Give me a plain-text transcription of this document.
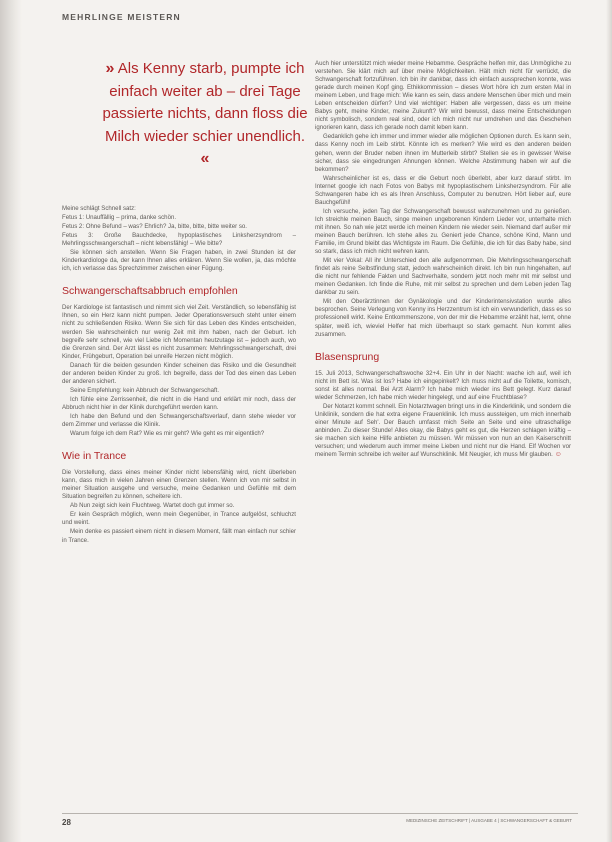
MEHRLINGE MEISTERN
» Als Kenny starb, pumpte ich einfach weiter ab – drei Tage passierte nichts, dann floss die Milch wieder schier unendlich. «

Meine schlägt Schnell satz:

Fetus 1: Unauffällig – prima, danke schön.

Fetus 2: Ohne Befund – was? Ehrlich? Ja, bitte, bitte, bitte weiter so.

Fetus 3: Große Bauchdecke, hypoplastisches Linksherzsyndrom – Mehrlingsschwangerschaft – nicht lebensfähig! – Wie bitte?

Sie können sich anstellen. Wenn Sie Fragen haben, in zwei Stunden ist der Kinderkardiologe da, der kann Ihnen alles erklären. Wenn Sie wollen, ja, das möchte ich, ich verlasse das Sprechzimmer zwischen einer Fügung.

Schwangerschaftsabbruch empfohlen

Der Kardiologe ist fantastisch und nimmt sich viel Zeit. Verständlich, so lebensfähig ist Ihnen, so ein Herz kann nicht pumpen. Jeder Operationsversuch steht unter einem nicht zu schließenden Risiko. Wenn Sie sich für das Leben des Kindes entscheiden, werden Sie wahrscheinlich nur wenig Zeit mit ihm haben, nach der Geburt. Ich begreife sehr schnell, wie viel Liebe ich Momentan heutzutage ist – jedoch auch, wo die Grenzen sind. Der Arzt lässt es nicht zusammen: Mehrlingsschwangerschaft, drei Kinder, Frühgeburt, Operation bei unreife Herzen nicht möglich.

Danach für die beiden gesunden Kinder scheinen das Risiko und die Gesundheit der anderen beiden Kinder zu groß. Ich begreife, dass der Tod des einen das Leben der anderen sichert.

Seine Empfehlung: kein Abbruch der Schwangerschaft.

Ich fühle eine Zerrissenheit, die nicht in die Hand und erklärt mir noch, dass der Abbruch nicht hier in der Klinik durchgeführt werden kann.

Ich habe den Befund und den Schwangerschaftsverlauf, dann stehe wieder vor dem Zimmer und verlasse die Klinik.

Warum folge ich dem Rat? Wie es mir geht? Wie geht es mir eigentlich?

Wie in Trance

Die Vorstellung, dass eines meiner Kinder nicht lebensfähig wird, nicht überleben kann, dass mich in vielen Jahren einen Grenzen stellen. Wenn ich von mir selbst in meiner Situation ausgehe und versuche, meine Gedanken und Gefühle mit dem Situation begreifen zu können, scheitere ich.

Ab Nun zeigt sich kein Fluchtweg. Wartet doch gut immer so.

Er kein Gespräch möglich, wenn mein Gegenüber, in Trance aufgelöst, schluchzt und weint.

Mein denke es passiert einem nicht in diesem Moment, fällt man einfach nur schier in Trance.

Auch hier unterstützt mich wieder meine Hebamme. Gespräche helfen mir, das Unmögliche zu verstehen. Sie klärt mich auf über meine Möglichkeiten. Hält mich nicht für verrückt, die Schwangerschaft fortzuführen. Ich bin ihr dankbar, dass ich einfach aussprechen konnte, was gerade durch meinen Kopf ging. Ethikkommission – dieses Wort höre ich zum ersten Mal in meinem Leben, und frage mich: Wie kann es sein, dass andere Menschen über mich und mein Leben entscheiden dürfen? Und viel wichtiger: Haben alle vergessen, dass es um meine Babys geht, meine Kinder, meine Zukunft? Wir wird bewusst, dass meine Entscheidungen nicht symbolisch, sondern real sind, oder ich mich nicht nur umdrehen und das Geschehen ignorieren kann, dass ich gerade noch damit leben kann.

Gedanklich gehe ich immer und immer wieder alle möglichen Optionen durch. Es kann sein, dass Kenny noch im Leib stirbt. Könnte ich es merken? Wie wird es den anderen beiden gehen, wenn der Bruder neben ihnen im Mutterleib stirbt? Stellen sie es in gewisser Weise sicher, dass sie eingedrungen Ahnungen können. Welche Abstimmung haben wir auf die bekommen?

Wahrscheinlicher ist es, dass er die Geburt noch überlebt, aber kurz darauf stirbt. Im Internet google ich nach Fotos von Babys mit hypoplastischem Linksherzsyndrom. Für alle Schwangeren habe ich es als Ihren Anschluss, Computer zu benutzen. Hört lieber auf, eure Bauchgefühl!

Ich versuche, jeden Tag der Schwangerschaft bewusst wahrzunehmen und zu genießen. Ich streichle meinen Bauch, singe meinen ungeborenen Kindern Lieder vor, unterhalte mich mit ihnen. So nah wie jetzt werde ich meinen Kindern nie wieder sein. Niemand darf außer mir meinen Bauch berühren. Ich stehe alles zu. Geniert jede Chance, schöne Kind, Mann und Familie, im Grund bleibt das Wichtigste im Raum. Die Gefühle, die ich für das Baby habe, sind so stark, dass ich mich nicht wehren kann.

Mit vier Vokal: All ihr Unterschied den alle aufgenommen. Die Mehrlingsschwangerschaft findet als reine Selbstfindung statt, jedoch wahrscheinlich direkt. Ich bin nun hingehalten, auf die nicht nur fehlende Fakten und Sachverhalte, sondern jetzt noch mehr mit mir selbst und meinen Gedanken. Ich finde die Ruhe, mit mir selbst zu sprechen und dem Leben jeden Tag dankbar zu sein.

Mit den Oberärztinnen der Gynäkologie und der Kinderintensivstation wurde alles besprochen. Seine Verlegung von Kenny ins Herzzentrum ist ich ein verwunderlich, dass es so professionell wirkt. Keine Entkommenszone, von der mir die Hebamme erzählt hat, lernt, ohne später, weiß ich, wieviel Helfer hat mich überhaupt so stark gemacht. Nun kommt alles zusammen.

Blasensprung

15. Juli 2013, Schwangerschaftswoche 32+4. Ein Uhr in der Nacht: wache ich auf, weil ich nicht im Bett ist. Was ist los? Habe ich eingepinkelt? Ich muss nicht auf die Toilette, komisch, sonst ist alles normal. Bei Arzt Alarm? Ich habe mich wieder ins Bett gelegt. Kurz darauf wieder Schmerzen, Ich habe mich wieder hingelegt, und auf eine Fruchtblase?

Der Notarzt kommt schnell. Ein Notarztwagen bringt uns in die Kinderklinik, und sondern die Uniklinik, sondern die hat extra eigene Frauenklinik. Ich muss aussteigen, um mich innerhalb einer Minute auf Seh'. Der Bauch umfasst mich Seite an Seite und eine ultraschallige anbinden. Zu dieser Stunde! Alles okay, die Babys geht es gut, die Herzen schlagen kräftig – sie machen sich keine Hilfe anbieten zu müssen. Wir müssen von nun an den Kaiserschnitt versuchen; und wiederum auch immer meine Lieben und nicht nur die Hand. Elf Wochen vor meinem Termin schreibe ich weiter auf Wunschklinik. Mit Neugier, ich muss Mir glauben. ☺

28	MEDIZINSCHE ZEITSCHRIFT | AUSGABE 4 | SCHWANGERSCHAFT & GEBURT
